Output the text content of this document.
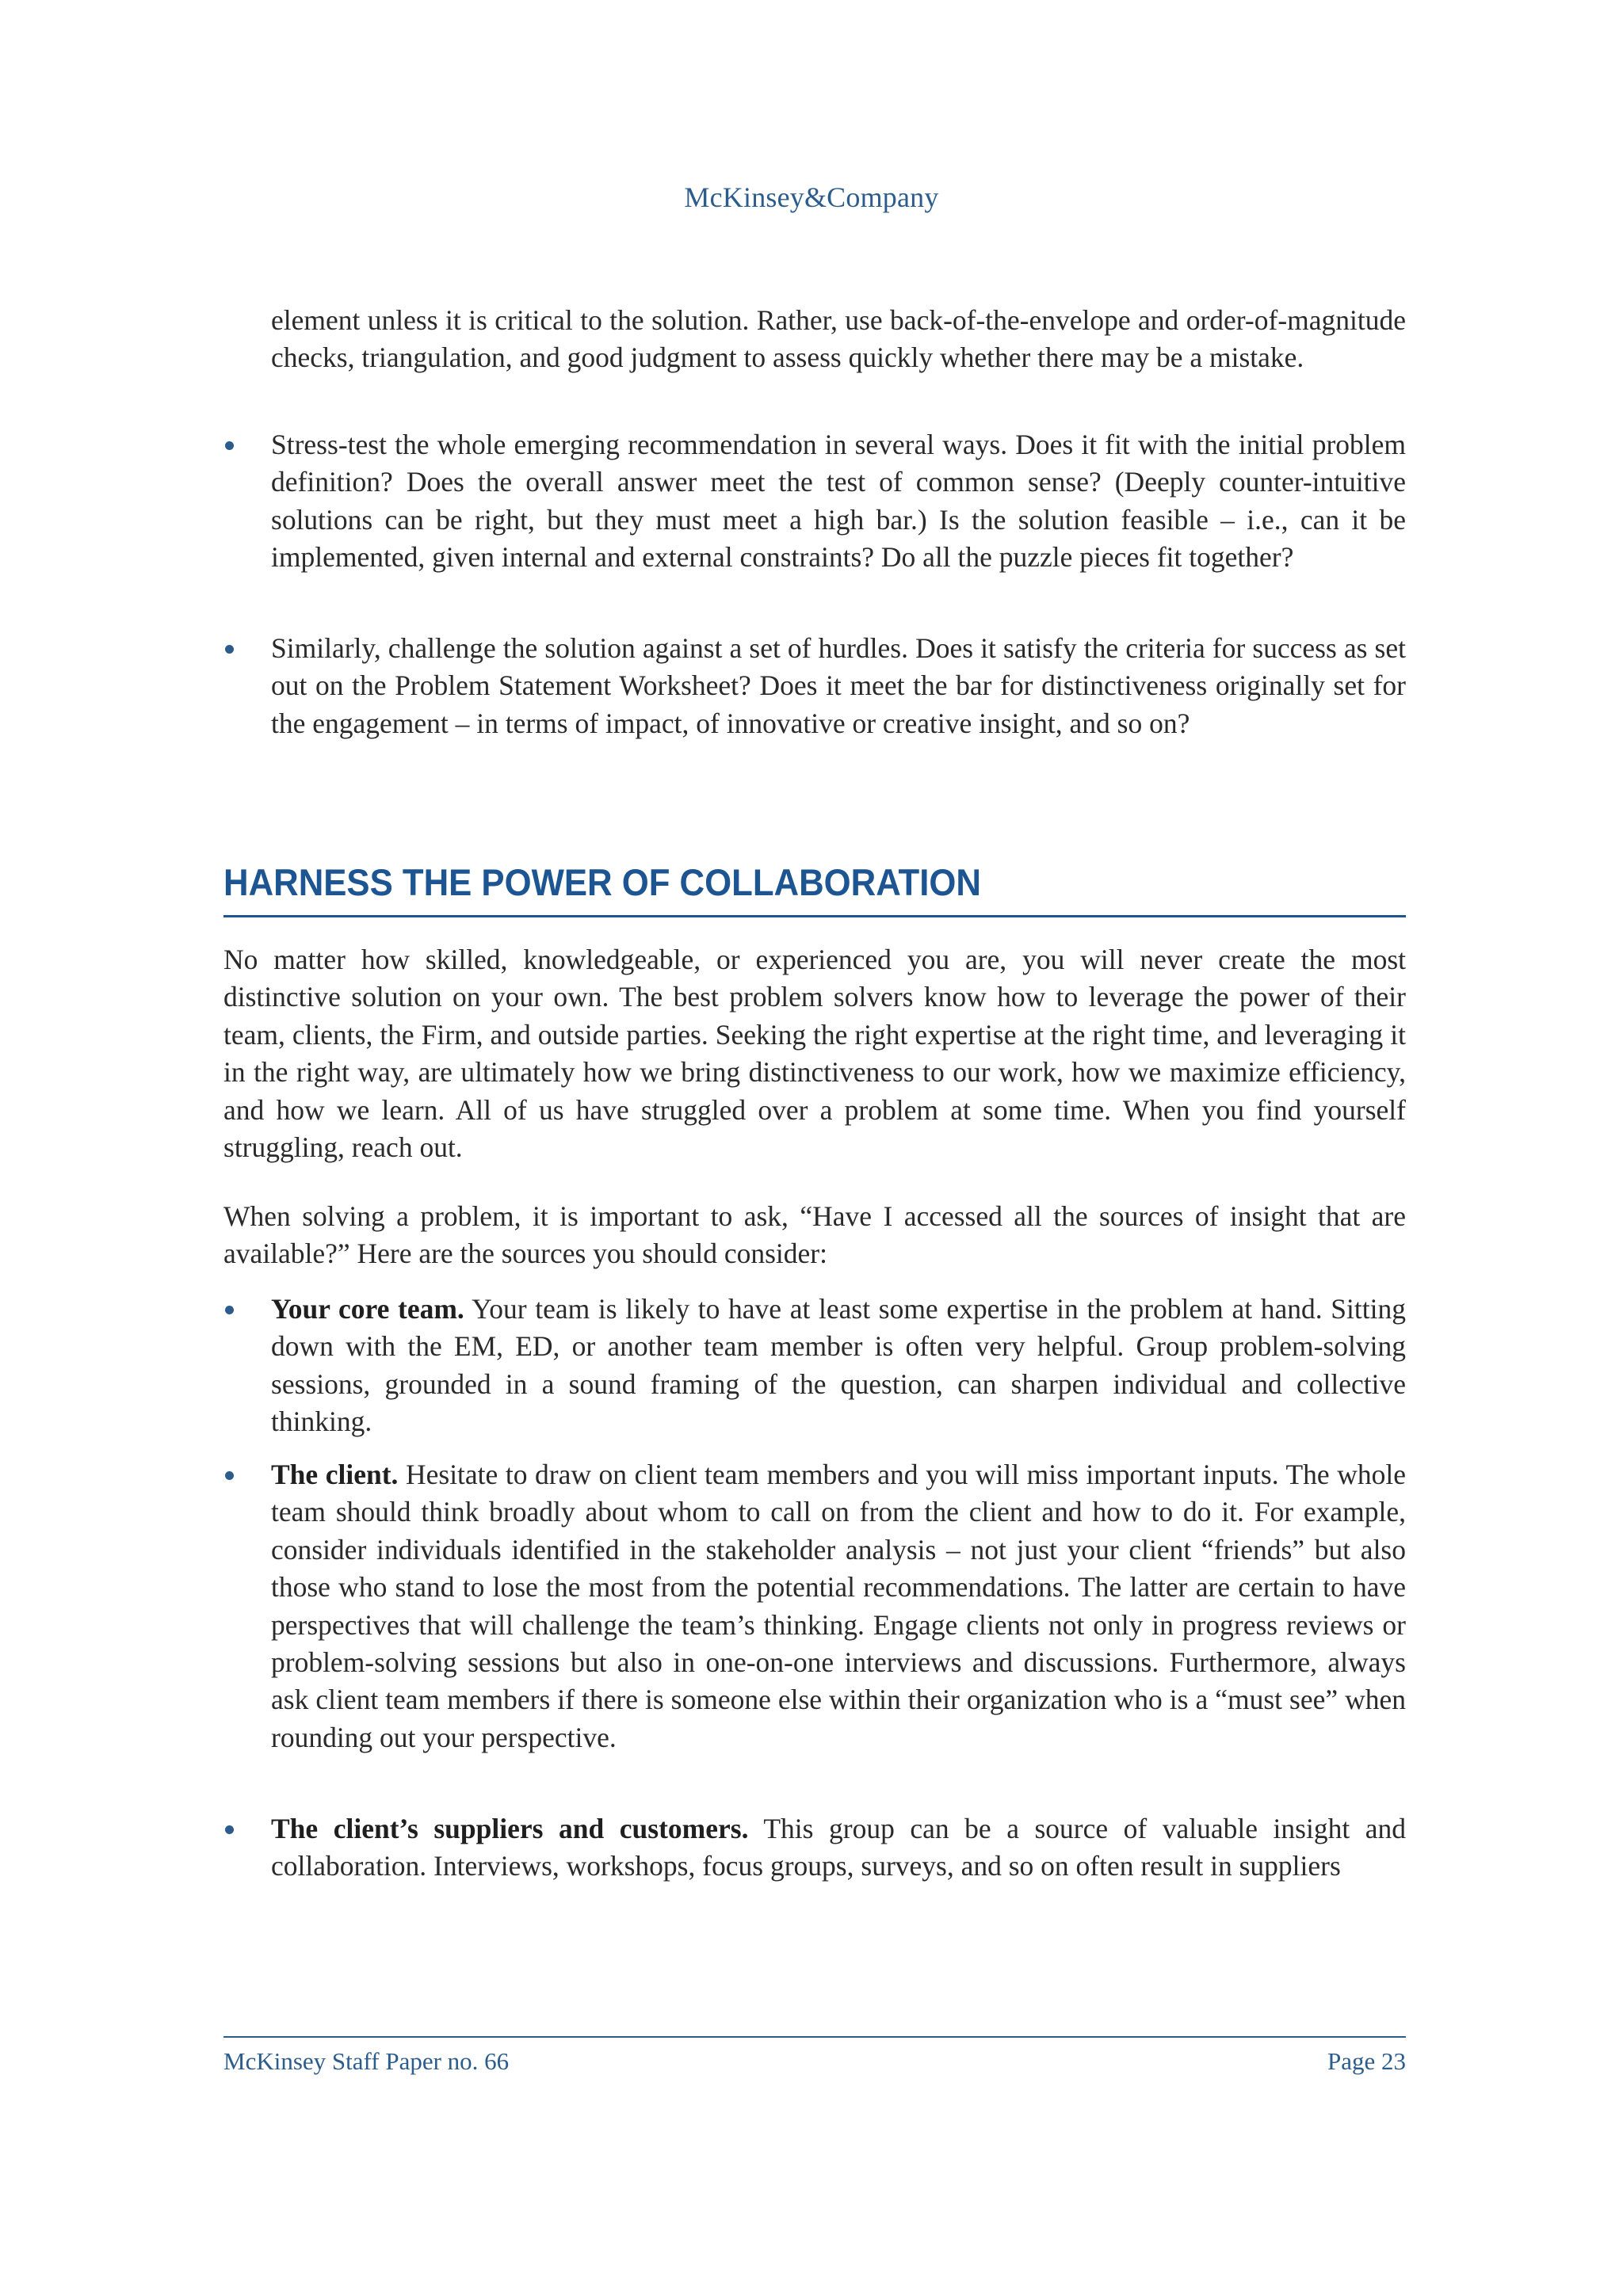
McKinsey&Company
element unless it is critical to the solution. Rather, use back-of-the-envelope and order-of-magnitude checks, triangulation, and good judgment to assess quickly whether there may be a mistake.
Stress-test the whole emerging recommendation in several ways. Does it fit with the initial problem definition? Does the overall answer meet the test of common sense? (Deeply counter-intuitive solutions can be right, but they must meet a high bar.) Is the solution feasible – i.e., can it be implemented, given internal and external constraints? Do all the puzzle pieces fit together?
Similarly, challenge the solution against a set of hurdles. Does it satisfy the criteria for success as set out on the Problem Statement Worksheet? Does it meet the bar for distinctiveness originally set for the engagement – in terms of impact, of innovative or creative insight, and so on?
HARNESS THE POWER OF COLLABORATION
No matter how skilled, knowledgeable, or experienced you are, you will never create the most distinctive solution on your own. The best problem solvers know how to leverage the power of their team, clients, the Firm, and outside parties. Seeking the right expertise at the right time, and leveraging it in the right way, are ultimately how we bring distinctiveness to our work, how we maximize efficiency, and how we learn. All of us have struggled over a problem at some time. When you find yourself struggling, reach out.
When solving a problem, it is important to ask, “Have I accessed all the sources of insight that are available?” Here are the sources you should consider:
Your core team. Your team is likely to have at least some expertise in the problem at hand. Sitting down with the EM, ED, or another team member is often very helpful. Group problem-solving sessions, grounded in a sound framing of the question, can sharpen individual and collective thinking.
The client. Hesitate to draw on client team members and you will miss important inputs. The whole team should think broadly about whom to call on from the client and how to do it. For example, consider individuals identified in the stakeholder analysis – not just your client “friends” but also those who stand to lose the most from the potential recommendations. The latter are certain to have perspectives that will challenge the team’s thinking. Engage clients not only in progress reviews or problem-solving sessions but also in one-on-one interviews and discussions. Furthermore, always ask client team members if there is someone else within their organization who is a “must see” when rounding out your perspective.
The client’s suppliers and customers. This group can be a source of valuable insight and collaboration. Interviews, workshops, focus groups, surveys, and so on often result in suppliers
McKinsey Staff Paper no. 66	Page 23
